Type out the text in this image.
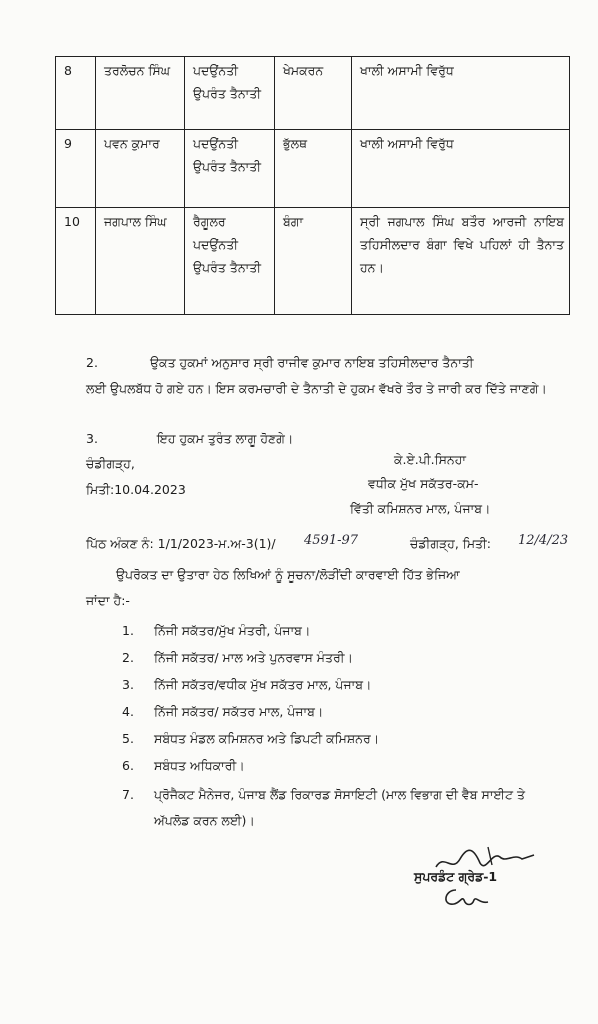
8	ਤਰਲੋਚਨ ਸਿੰਘ	ਪਦਉਂਨਤੀ ਉਪਰੰਤ ਤੈਨਾਤੀ	ਖੇਮਕਰਨ	ਖਾਲੀ ਅਸਾਮੀ ਵਿਰੁੱਧ
9	ਪਵਨ ਕੁਮਾਰ	ਪਦਉਂਨਤੀ ਉਪਰੰਤ ਤੈਨਾਤੀ	ਭੁੱਲਥ	ਖਾਲੀ ਅਸਾਮੀ ਵਿਰੁੱਧ
10	ਜਗਪਾਲ ਸਿੰਘ	ਰੈਗੂਲਰ ਪਦਉਂਨਤੀ ਉਪਰੰਤ ਤੈਨਾਤੀ	ਬੰਗਾ	ਸ੍ਰੀ ਜਗਪਾਲ ਸਿੰਘ ਬਤੌਰ ਆਰਜੀ ਨਾਇਬ ਤਹਿਸੀਲਦਾਰ ਬੰਗਾ ਵਿਖੇ ਪਹਿਲਾਂ ਹੀ ਤੈਨਾਤ ਹਨ।
2.	ਉਕਤ ਹੁਕਮਾਂ ਅਨੁਸਾਰ ਸ੍ਰੀ ਰਾਜੀਵ ਕੁਮਾਰ ਨਾਇਬ ਤਹਿਸੀਲਦਾਰ ਤੈਨਾਤੀ
ਲਈ ਉਪਲਬੱਧ ਹੋ ਗਏ ਹਨ। ਇਸ ਕਰਮਚਾਰੀ ਦੇ ਤੈਨਾਤੀ ਦੇ ਹੁਕਮ ਵੱਖਰੇ ਤੌਰ ਤੇ ਜਾਰੀ ਕਰ ਦਿੱਤੇ ਜਾਣਗੇ।
3.	ਇਹ ਹੁਕਮ ਤੁਰੰਤ ਲਾਗੂ ਹੋਣਗੇ।
ਚੰਡੀਗੜ੍ਹ,
ਮਿਤੀ:10.04.2023
ਕੇ.ਏ.ਪੀ.ਸਿਨਹਾ
ਵਧੀਕ ਮੁੱਖ ਸਕੱਤਰ-ਕਮ-
ਵਿੱਤੀ ਕਮਿਸ਼ਨਰ ਮਾਲ, ਪੰਜਾਬ।
ਪਿੱਠ ਅੰਕਣ ਨੰ: 1/1/2023-ਮ.ਅ-3(1)/ 4591-97	ਚੰਡੀਗੜ੍ਹ, ਮਿਤੀ: 12/4/23
ਉਪਰੋਕਤ ਦਾ ਉਤਾਰਾ ਹੇਠ ਲਿਖਿਆਂ ਨੂੰ ਸੂਚਨਾ/ਲੋੜੀਂਦੀ ਕਾਰਵਾਈ ਹਿੱਤ ਭੇਜਿਆ
ਜਾਂਦਾ ਹੈ:-
1. ਨਿੱਜੀ ਸਕੱਤਰ/ਮੁੱਖ ਮੰਤਰੀ, ਪੰਜਾਬ।
2. ਨਿੱਜੀ ਸਕੱਤਰ/ ਮਾਲ ਅਤੇ ਪੁਨਰਵਾਸ ਮੰਤਰੀ।
3. ਨਿੱਜੀ ਸਕੱਤਰ/ਵਧੀਕ ਮੁੱਖ ਸਕੱਤਰ ਮਾਲ, ਪੰਜਾਬ।
4. ਨਿੱਜੀ ਸਕੱਤਰ/ ਸਕੱਤਰ ਮਾਲ, ਪੰਜਾਬ।
5. ਸਬੰਧਤ ਮੰਡਲ ਕਮਿਸ਼ਨਰ ਅਤੇ ਡਿਪਟੀ ਕਮਿਸ਼ਨਰ।
6. ਸਬੰਧਤ ਅਧਿਕਾਰੀ।
7. ਪ੍ਰੋਜੈਕਟ ਮੈਨੇਜਰ, ਪੰਜਾਬ ਲੈਂਡ ਰਿਕਾਰਡ ਸੋਸਾਇਟੀ (ਮਾਲ ਵਿਭਾਗ ਦੀ ਵੈਬ ਸਾਈਟ ਤੇ ਅੱਪਲੋਡ ਕਰਨ ਲਈ)।
ਸੁਪਰਡੰਟ ਗ੍ਰੇਡ-1
